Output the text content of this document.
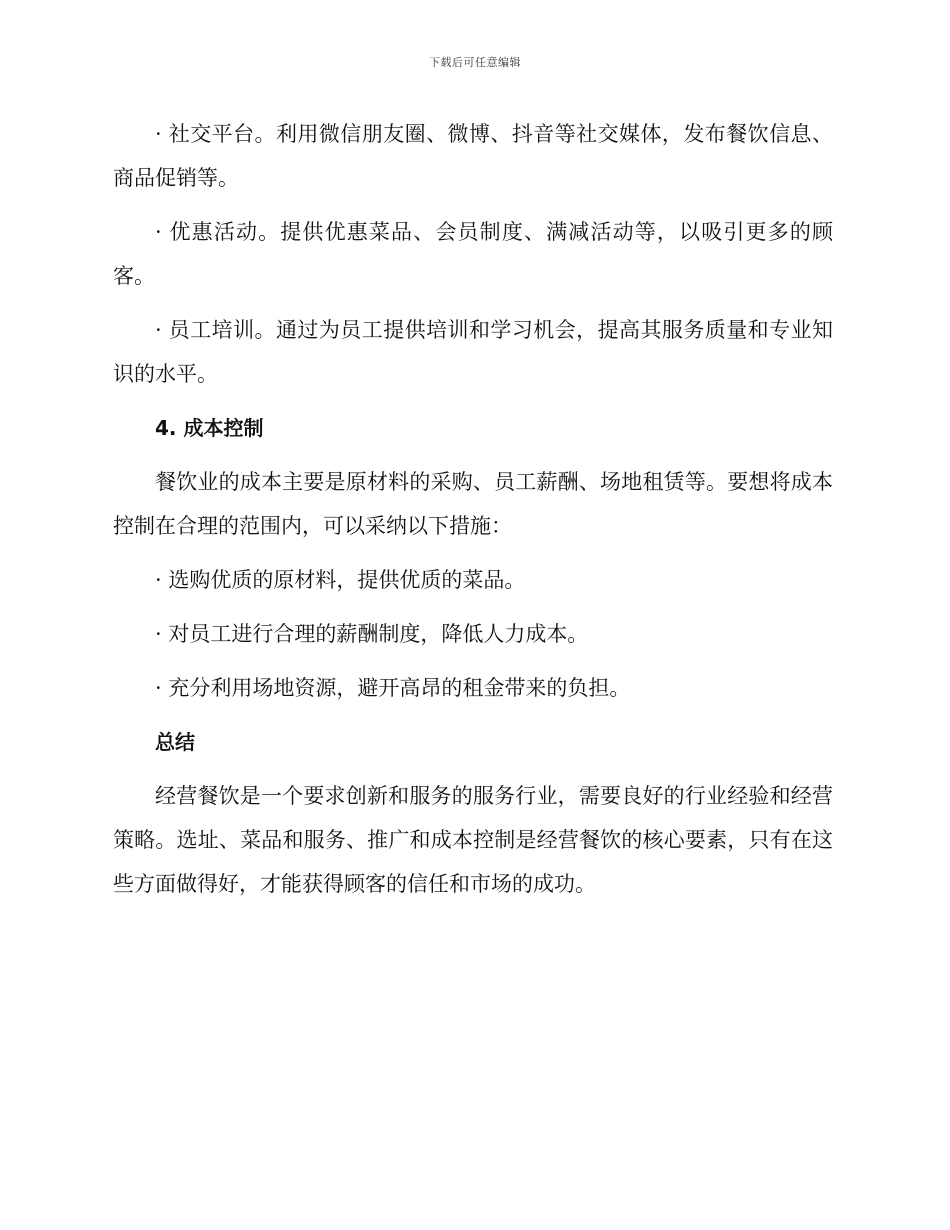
下载后可任意编辑

· 社交平台。利用微信朋友圈、微博、抖音等社交媒体，发布餐饮信息、商品促销等。

· 优惠活动。提供优惠菜品、会员制度、满减活动等，以吸引更多的顾客。

· 员工培训。通过为员工提供培训和学习机会，提高其服务质量和专业知识的水平。

4. 成本控制

餐饮业的成本主要是原材料的采购、员工薪酬、场地租赁等。要想将成本控制在合理的范围内，可以采纳以下措施：

· 选购优质的原材料，提供优质的菜品。

· 对员工进行合理的薪酬制度，降低人力成本。

· 充分利用场地资源，避开高昂的租金带来的负担。

总结

经营餐饮是一个要求创新和服务的服务行业，需要良好的行业经验和经营策略。选址、菜品和服务、推广和成本控制是经营餐饮的核心要素，只有在这些方面做得好，才能获得顾客的信任和市场的成功。
